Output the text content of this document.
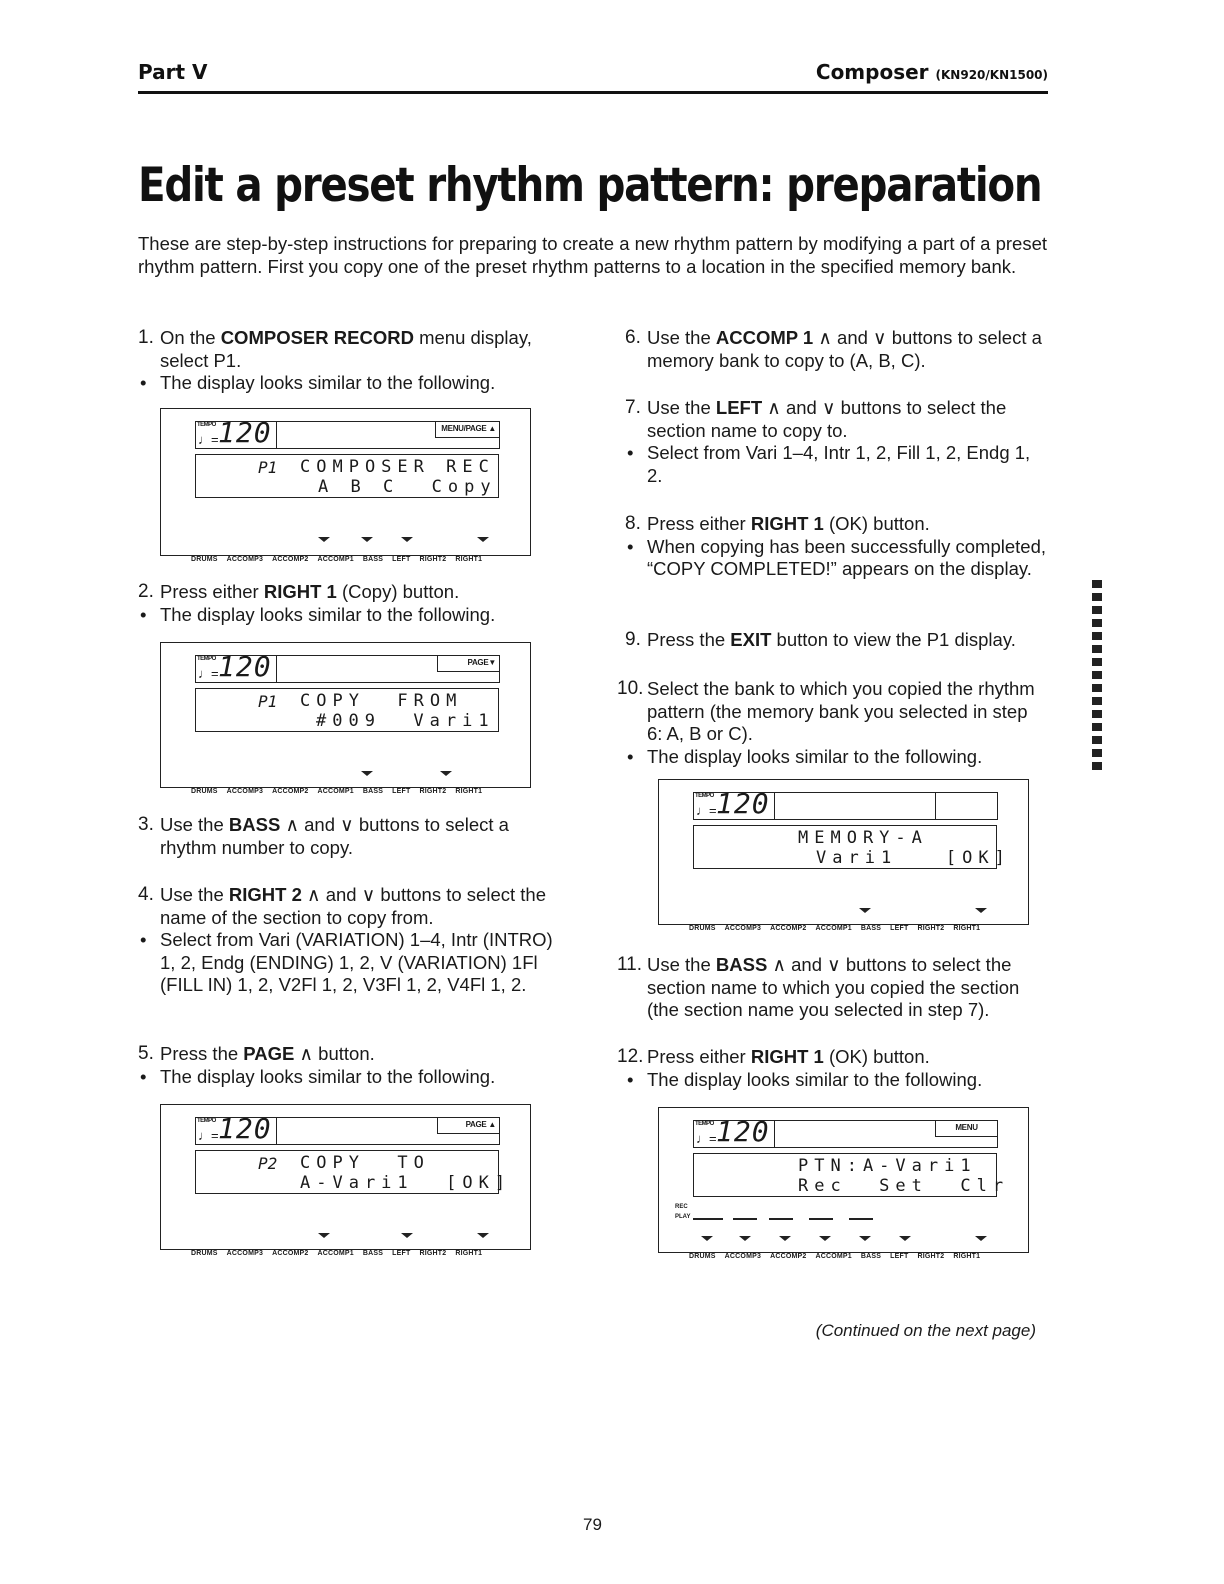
Part V	Composer (KN920/KN1500)
Edit a preset rhythm pattern: preparation
These are step-by-step instructions for preparing to create a new rhythm pattern by modifying a part of a preset rhythm pattern. First you copy one of the preset rhythm patterns to a location in the specified memory bank.
1. On the COMPOSER RECORD menu display, select P1.
• The display looks similar to the following.
TEMPO
♩= 120	MENU/PAGE ▲
P1 COMPOSER REC
A B C  Copy
DRUMS ACCOMP3 ACCOMP2 ACCOMP1 BASS LEFT RIGHT2 RIGHT1
2. Press either RIGHT 1 (Copy) button.
• The display looks similar to the following.
TEMPO
♩= 120	PAGE▼
P1 COPY  FROM
#009  Vari1
DRUMS ACCOMP3 ACCOMP2 ACCOMP1 BASS LEFT RIGHT2 RIGHT1
3. Use the BASS ∧ and ∨ buttons to select a rhythm number to copy.
4. Use the RIGHT 2 ∧ and ∨ buttons to select the name of the section to copy from.
• Select from Vari (VARIATION) 1–4, Intr (INTRO) 1, 2, Endg (ENDING) 1, 2, V (VARIATION) 1Fl (FILL IN) 1, 2, V2Fl 1, 2, V3Fl 1, 2, V4Fl 1, 2.
5. Press the PAGE ∧ button.
• The display looks similar to the following.
TEMPO
♩= 120	PAGE ▲
P2 COPY  TO
A-Vari1  [OK]
DRUMS ACCOMP3 ACCOMP2 ACCOMP1 BASS LEFT RIGHT2 RIGHT1
6. Use the ACCOMP 1 ∧ and ∨ buttons to select a memory bank to copy to (A, B, C).
7. Use the LEFT ∧ and ∨ buttons to select the section name to copy to.
• Select from Vari 1–4, Intr 1, 2, Fill 1, 2, Endg 1, 2.
8. Press either RIGHT 1 (OK) button.
• When copying has been successfully completed, “COPY COMPLETED!” appears on the display.
9. Press the EXIT button to view the P1 display.
10. Select the bank to which you copied the rhythm pattern (the memory bank you selected in step 6: A, B or C).
• The display looks similar to the following.
TEMPO
♩= 120
MEMORY-A
Vari1   [OK]
DRUMS ACCOMP3 ACCOMP2 ACCOMP1 BASS LEFT RIGHT2 RIGHT1
11. Use the BASS ∧ and ∨ buttons to select the section name to which you copied the section (the section name you selected in step 7).
12. Press either RIGHT 1 (OK) button.
• The display looks similar to the following.
TEMPO
♩= 120	MENU
PTN:A-Vari1
Rec  Set  Clr
REC
PLAY
DRUMS ACCOMP3 ACCOMP2 ACCOMP1 BASS LEFT RIGHT2 RIGHT1
(Continued on the next page)
79
